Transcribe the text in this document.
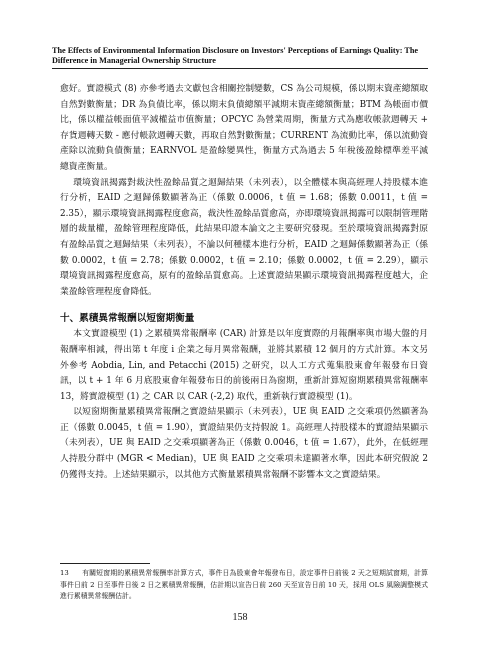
The Effects of Environmental Information Disclosure on Investors' Perceptions of Earnings Quality: The
Difference in Managerial Ownership Structure

愈好。實證模式 (8) 亦參考過去文獻包含相關控制變數，CS 為公司規模，係以期末資產總額取自然對數衡量；DR 為負債比率，係以期末負債總額平減期末資產總額衡量；BTM 為帳面市價比，係以權益帳面值平減權益市值衡量；OPCYC 為營業周期，衡量方式為應收帳款週轉天 + 存貨週轉天數 - 應付帳款週轉天數，再取自然對數衡量；CURRENT 為流動比率，係以流動資產除以流動負債衡量；EARNVOL 是盈餘變異性，衡量方式為過去 5 年稅後盈餘標準差平減總資產衡量。

環境資訊揭露對裁決性盈餘品質之迴歸結果（未列表），以全體樣本與高經理人持股樣本進行分析，EAID 之迴歸係數顯著為正（係數 0.0006，t 值 = 1.68；係數 0.0011，t 值 = 2.35），顯示環境資訊揭露程度愈高，裁決性盈餘品質愈高，亦即環境資訊揭露可以限制管理階層的裁量權，盈餘管理程度降低，此結果印證本論文之主要研究發現。至於環境資訊揭露對原有盈餘品質之迴歸結果（未列表），不論以何種樣本進行分析，EAID 之迴歸係數顯著為正（係數 0.0002，t 值 = 2.78；係數 0.0002，t 值 = 2.10；係數 0.0002，t 值 = 2.29），顯示環境資訊揭露程度愈高，原有的盈餘品質愈高。上述實證結果顯示環境資訊揭露程度越大，企業盈餘管理程度會降低。

十、累積異常報酬以短窗期衡量

本文實證模型 (1) 之累積異常報酬率 (CAR) 計算是以年度實際的月報酬率與市場大盤的月報酬率相減，得出第 t 年度 i 企業之每月異常報酬，並將其累積 12 個月的方式計算。本文另外參考 Aobdia, Lin, and Petacchi (2015) 之研究，以人工方式蒐集股東會年報發布日資訊，以 t + 1 年 6 月底股東會年報發布日的前後兩日為窗期，重新計算短窗期累積異常報酬率 13，將實證模型 (1) 之 CAR 以 CAR (-2,2) 取代，重新執行實證模型 (1)。

以短窗期衡量累積異常報酬之實證結果顯示（未列表），UE 與 EAID 之交乘項仍然顯著為正（係數 0.0045，t 值 = 1.90），實證結果仍支持假說 1。高經理人持股樣本的實證結果顯示（未列表），UE 與 EAID 之交乘項顯著為正（係數 0.0046，t 值 = 1.67），此外，在低經理人持股分群中 (MGR < Median)，UE 與 EAID 之交乘項未達顯著水準，因此本研究假說 2 仍獲得支持。上述結果顯示，以其他方式衡量累積異常報酬不影響本文之實證結果。

13 有關短窗期的累積異常報酬率計算方式，事件日為股東會年報發布日，設定事件日前後 2 天之短期試窗期，計算事件日前 2 日至事件日後 2 日之累積異常報酬，估計期以宣告日前 260 天至宣告日前 10 天，採用 OLS 風險調整模式進行累積異常報酬估計。
158
